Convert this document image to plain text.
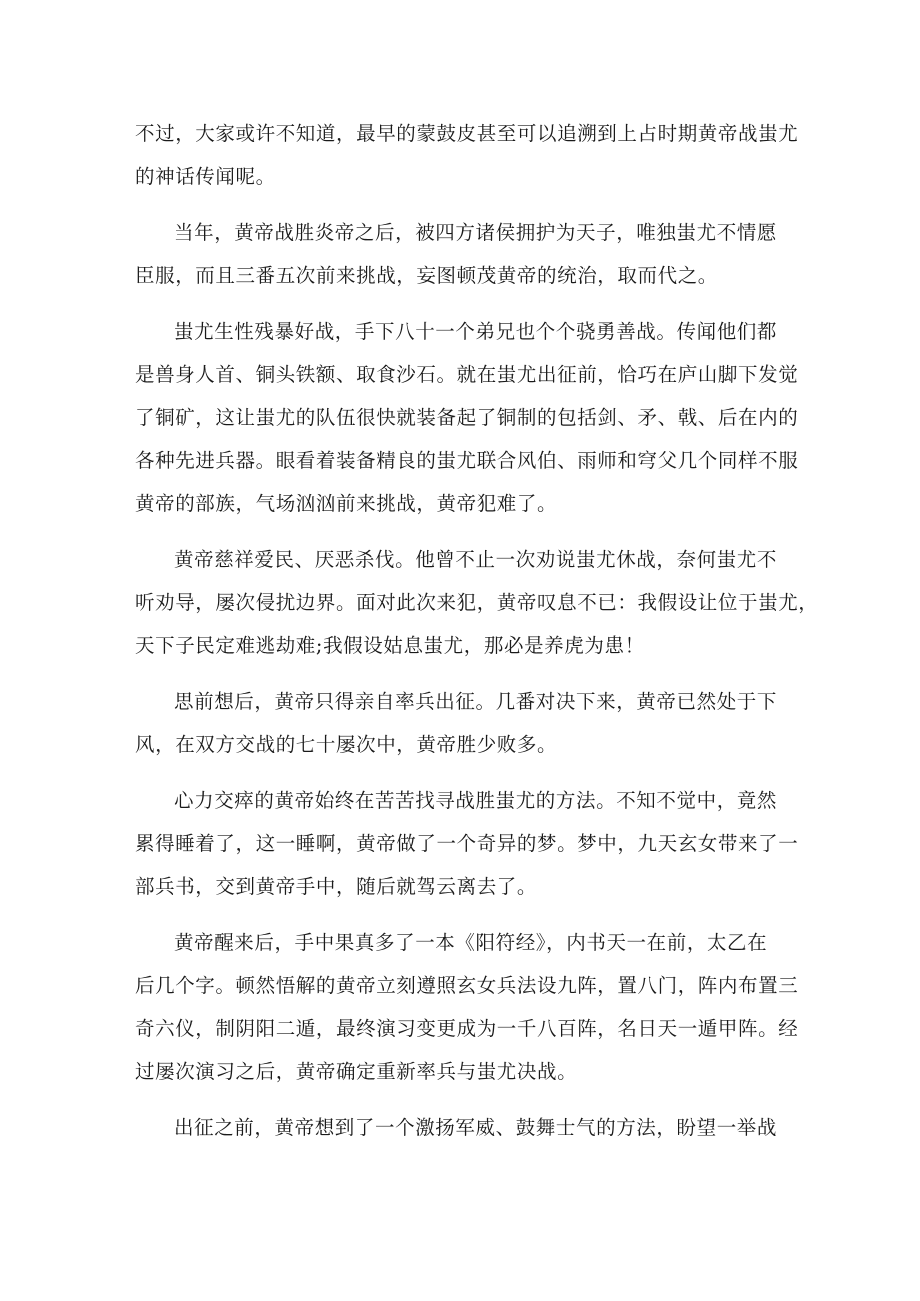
不过，大家或许不知道，最早的蒙鼓皮甚至可以追溯到上占时期黄帝战蚩尤
的神话传闻呢。

当年，黄帝战胜炎帝之后，被四方诸侯拥护为天子，唯独蚩尤不情愿
臣服，而且三番五次前来挑战，妄图顿茂黄帝的统治，取而代之。

蚩尤生性残暴好战，手下八十一个弟兄也个个骁勇善战。传闻他们都
是兽身人首、铜头铁额、取食沙石。就在蚩尤出征前，恰巧在庐山脚下发觉
了铜矿，这让蚩尤的队伍很快就装备起了铜制的包括剑、矛、戟、后在内的
各种先进兵器。眼看着装备精良的蚩尤联合风伯、雨师和穹父几个同样不服
黄帝的部族，气场汹汹前来挑战，黄帝犯难了。

黄帝慈祥爱民、厌恶杀伐。他曾不止一次劝说蚩尤休战，奈何蚩尤不
听劝导，屡次侵扰边界。面对此次来犯，黄帝叹息不已：我假设让位于蚩尤，
天下子民定难逃劫难;我假设姑息蚩尤，那必是养虎为患！

思前想后，黄帝只得亲自率兵出征。几番对决下来，黄帝已然处于下
风，在双方交战的七十屡次中，黄帝胜少败多。

心力交瘁的黄帝始终在苦苦找寻战胜蚩尤的方法。不知不觉中，竟然
累得睡着了，这一睡啊，黄帝做了一个奇异的梦。梦中，九天玄女带来了一
部兵书，交到黄帝手中，随后就驾云离去了。

黄帝醒来后，手中果真多了一本《阳符经》，内书天一在前，太乙在
后几个字。顿然悟解的黄帝立刻遵照玄女兵法设九阵，置八门，阵内布置三
奇六仪，制阴阳二遁，最终演习变更成为一千八百阵，名日天一遁甲阵。经
过屡次演习之后，黄帝确定重新率兵与蚩尤决战。

出征之前，黄帝想到了一个激扬军威、鼓舞士气的方法，盼望一举战
